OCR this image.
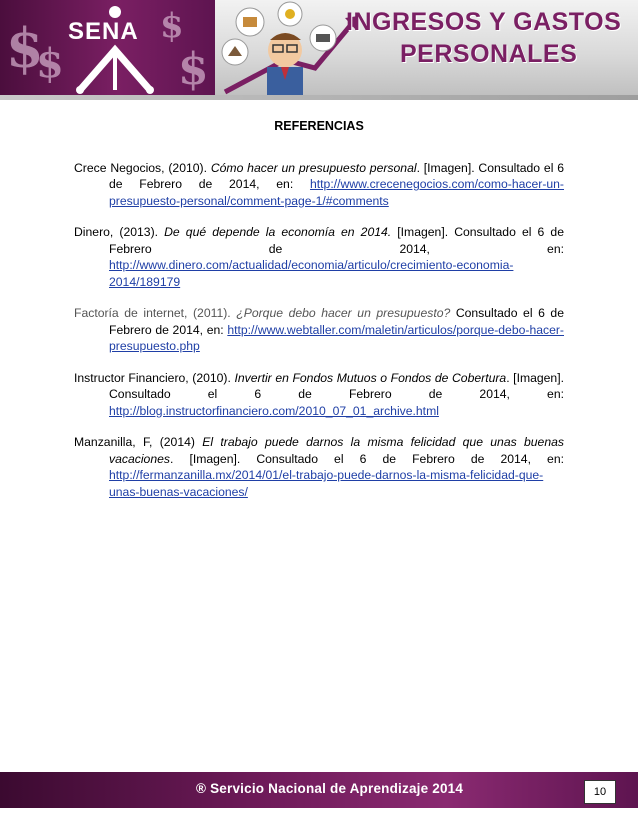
$
$
$
$
SENA	INGRESOS Y GASTOS
PERSONALES
REFERENCIAS

Crece Negocios, (2010). Cómo hacer un presupuesto personal. [Imagen]. Consultado el 6 de Febrero de 2014, en: http://www.crecenegocios.com/como-hacer-un-presupuesto-personal/comment-page-1/#comments

Dinero, (2013). De qué depende la economía en 2014. [Imagen]. Consultado el 6 de Febrero de 2014, en: http://www.dinero.com/actualidad/economia/articulo/crecimiento-economia-2014/189179

Factoría de internet, (2011). ¿Porque debo hacer un presupuesto? Consultado el 6 de Febrero de 2014, en: http://www.webtaller.com/maletin/articulos/porque-debo-hacer-presupuesto.php

Instructor Financiero, (2010). Invertir en Fondos Mutuos o Fondos de Cobertura. [Imagen]. Consultado el 6 de Febrero de 2014, en: http://blog.instructorfinanciero.com/2010_07_01_archive.html

Manzanilla, F, (2014) El trabajo puede darnos la misma felicidad que unas buenas vacaciones. [Imagen]. Consultado el 6 de Febrero de 2014, en: http://fermanzanilla.mx/2014/01/el-trabajo-puede-darnos-la-misma-felicidad-que-unas-buenas-vacaciones/

® Servicio Nacional de Aprendizaje 2014	10
